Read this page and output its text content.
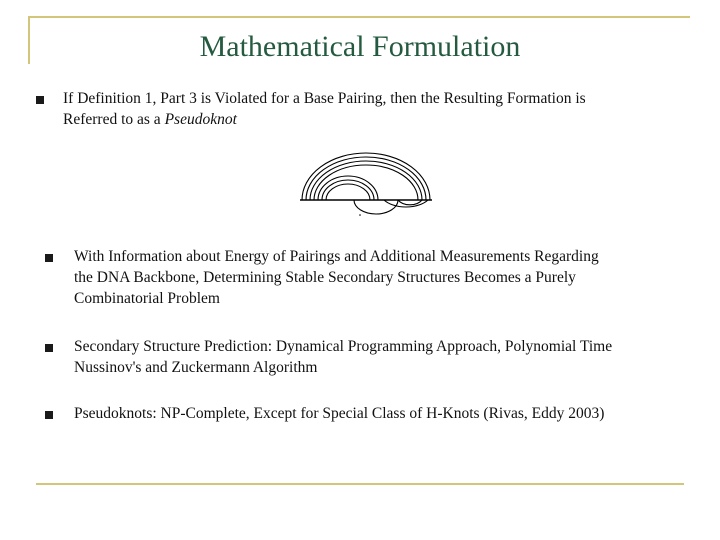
Mathematical Formulation
If Definition 1, Part 3 is Violated for a Base Pairing, then the Resulting Formation is
Referred to as a Pseudoknot
With Information about Energy of Pairings and Additional Measurements Regarding
the DNA Backbone, Determining Stable Secondary Structures Becomes a Purely
Combinatorial Problem
Secondary Structure Prediction: Dynamical Programming Approach, Polynomial Time
Nussinov's and Zuckermann Algorithm
Pseudoknots: NP-Complete, Except for Special Class of H-Knots (Rivas, Eddy 2003)
